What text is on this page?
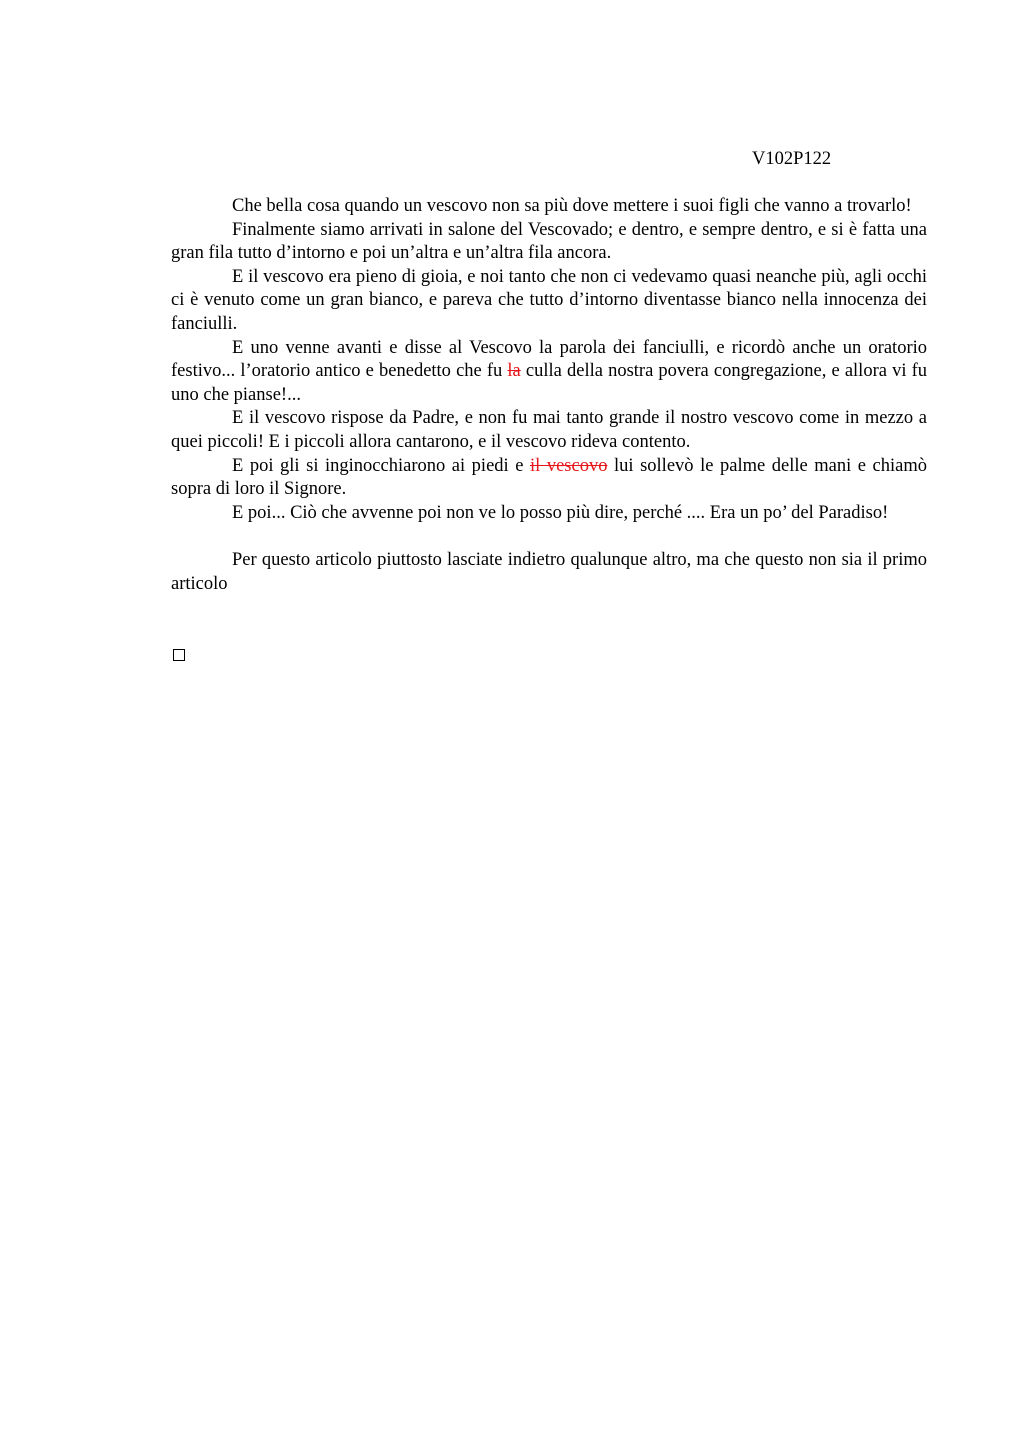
V102P122

Che bella cosa quando un vescovo non sa più dove mettere i suoi figli che vanno a trovarlo!

Finalmente siamo arrivati in salone del Vescovado; e dentro, e sempre dentro, e si è fatta una gran fila tutto d’intorno e poi un’altra e un’altra fila ancora.

E il vescovo era pieno di gioia, e noi tanto che non ci vedevamo quasi neanche più, agli occhi ci è venuto come un gran bianco, e pareva che tutto d’intorno diventasse bianco nella innocenza dei fanciulli.

E uno venne avanti e disse al Vescovo la parola dei fanciulli, e ricordò anche un oratorio festivo... l’oratorio antico e benedetto che fu la culla della nostra povera congregazione, e allora vi fu uno che pianse!...

E il vescovo rispose da Padre, e non fu mai tanto grande il nostro vescovo come in mezzo a quei piccoli! E i piccoli allora cantarono, e il vescovo rideva contento.

E poi gli si inginocchiarono ai piedi e il vescovo lui sollevò le palme delle mani e chiamò sopra di loro il Signore.

E poi... Ciò che avvenne poi non ve lo posso più dire, perché .... Era un po’ del Paradiso!

Per questo articolo piuttosto lasciate indietro qualunque altro, ma che questo non sia il primo articolo
